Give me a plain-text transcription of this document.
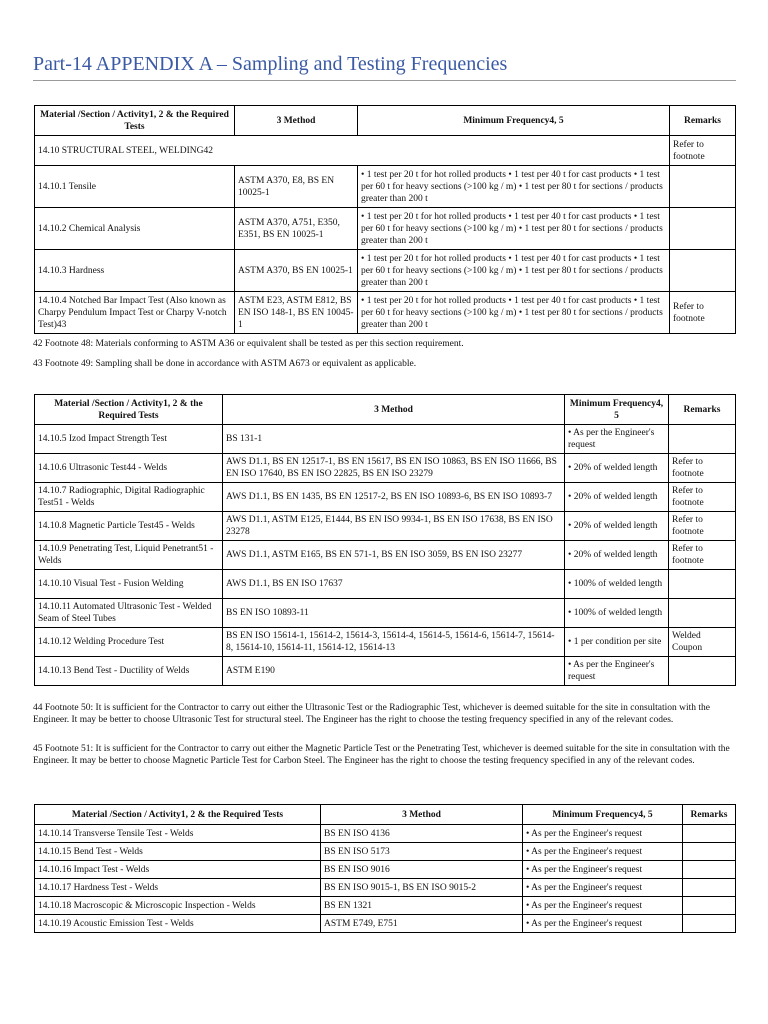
Part-14 APPENDIX A – Sampling and Testing Frequencies
Material /Section / Activity1, 2 & the Required Tests	3 Method	Minimum Frequency4, 5	Remarks
14.10 STRUCTURAL STEEL, WELDING42			Refer to footnote
14.10.1 Tensile	ASTM A370, E8, BS EN 10025-1	• 1 test per 20 t for hot rolled products • 1 test per 40 t for cast products • 1 test per 60 t for heavy sections (>100 kg / m) • 1 test per 80 t for sections / products greater than 200 t	
14.10.2 Chemical Analysis	ASTM A370, A751, E350, E351, BS EN 10025-1	• 1 test per 20 t for hot rolled products • 1 test per 40 t for cast products • 1 test per 60 t for heavy sections (>100 kg / m) • 1 test per 80 t for sections / products greater than 200 t	
14.10.3 Hardness	ASTM A370, BS EN 10025-1	• 1 test per 20 t for hot rolled products • 1 test per 40 t for cast products • 1 test per 60 t for heavy sections (>100 kg / m) • 1 test per 80 t for sections / products greater than 200 t	
14.10.4 Notched Bar Impact Test (Also known as Charpy Pendulum Impact Test or Charpy V-notch Test)43	ASTM E23, ASTM E812, BS EN ISO 148-1, BS EN 10045-1	• 1 test per 20 t for hot rolled products • 1 test per 40 t for cast products • 1 test per 60 t for heavy sections (>100 kg / m) • 1 test per 80 t for sections / products greater than 200 t	Refer to footnote
42 Footnote 48: Materials conforming to ASTM A36 or equivalent shall be tested as per this section requirement.
43 Footnote 49: Sampling shall be done in accordance with ASTM A673 or equivalent as applicable.
Material /Section / Activity1, 2 & the Required Tests	3 Method	Minimum Frequency4, 5	Remarks
14.10.5 Izod Impact Strength Test	BS 131-1	• As per the Engineer's request	
14.10.6 Ultrasonic Test44 - Welds	AWS D1.1, BS EN 12517-1, BS EN 15617, BS EN ISO 10863, BS EN ISO 11666, BS EN ISO 17640, BS EN ISO 22825, BS EN ISO 23279	• 20% of welded length	Refer to footnote
14.10.7 Radiographic, Digital Radiographic Test51 - Welds	AWS D1.1, BS EN 1435, BS EN 12517-2, BS EN ISO 10893-6, BS EN ISO 10893-7	• 20% of welded length	Refer to footnote
14.10.8 Magnetic Particle Test45 - Welds	AWS D1.1, ASTM E125, E1444, BS EN ISO 9934-1, BS EN ISO 17638, BS EN ISO 23278	• 20% of welded length	Refer to footnote
14.10.9 Penetrating Test, Liquid Penetrant51 - Welds	AWS D1.1, ASTM E165, BS EN 571-1, BS EN ISO 3059, BS EN ISO 23277	• 20% of welded length	Refer to footnote
14.10.10 Visual Test - Fusion Welding	AWS D1.1, BS EN ISO 17637	• 100% of welded length	
14.10.11 Automated Ultrasonic Test - Welded Seam of Steel Tubes	BS EN ISO 10893-11	• 100% of welded length	
14.10.12 Welding Procedure Test	BS EN ISO 15614-1, 15614-2, 15614-3, 15614-4, 15614-5, 15614-6, 15614-7, 15614-8, 15614-10, 15614-11, 15614-12, 15614-13	• 1 per condition per site	Welded Coupon
14.10.13 Bend Test - Ductility of Welds	ASTM E190	• As per the Engineer's request	
44 Footnote 50: It is sufficient for the Contractor to carry out either the Ultrasonic Test or the Radiographic Test, whichever is deemed suitable for the site in consultation with the Engineer. It may be better to choose Ultrasonic Test for structural steel. The Engineer has the right to choose the testing frequency specified in any of the relevant codes.
45 Footnote 51: It is sufficient for the Contractor to carry out either the Magnetic Particle Test or the Penetrating Test, whichever is deemed suitable for the site in consultation with the Engineer. It may be better to choose Magnetic Particle Test for Carbon Steel. The Engineer has the right to choose the testing frequency specified in any of the relevant codes.
Material /Section / Activity1, 2 & the Required Tests	3 Method	Minimum Frequency4, 5	Remarks
14.10.14 Transverse Tensile Test - Welds	BS EN ISO 4136	• As per the Engineer's request	
14.10.15 Bend Test - Welds	BS EN ISO 5173	• As per the Engineer's request	
14.10.16 Impact Test - Welds	BS EN ISO 9016	• As per the Engineer's request	
14.10.17 Hardness Test - Welds	BS EN ISO 9015-1, BS EN ISO 9015-2	• As per the Engineer's request	
14.10.18 Macroscopic & Microscopic Inspection - Welds	BS EN 1321	• As per the Engineer's request	
14.10.19 Acoustic Emission Test - Welds	ASTM E749, E751	• As per the Engineer's request	
